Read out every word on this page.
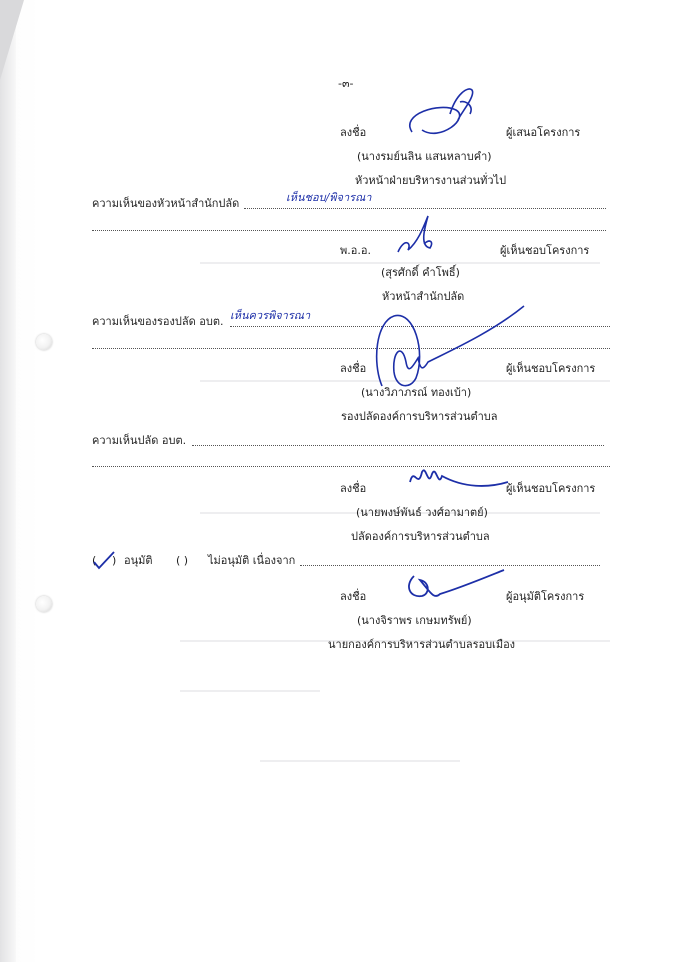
-๓-
ลงชื่อ	ผู้เสนอโครงการ
(นางรมย์นลิน แสนหลาบคำ)
หัวหน้าฝ่ายบริหารงานส่วนทั่วไป
ความเห็นของหัวหน้าสำนักปลัด	เห็นชอบ/พิจารณา
พ.อ.อ.	ผู้เห็นชอบโครงการ
(สุรศักดิ์ คำโพธิ์)
หัวหน้าสำนักปลัด
ความเห็นของรองปลัด อบต. เห็นควรพิจารณา
ลงชื่อ	ผู้เห็นชอบโครงการ
(นางวิภาภรณ์ ทองเบ้า)
รองปลัดองค์การบริหารส่วนตำบล
ความเห็นปลัด อบต.
ลงชื่อ	ผู้เห็นชอบโครงการ
(นายพงษ์พันธ์ วงศ์อามาตย์)
ปลัดองค์การบริหารส่วนตำบล
( ) อนุมัติ ( ) ไม่อนุมัติ เนื่องจาก
ลงชื่อ	ผู้อนุมัติโครงการ
(นางจิราพร เกษมทรัพย์)
นายกองค์การบริหารส่วนตำบลรอบเมือง
